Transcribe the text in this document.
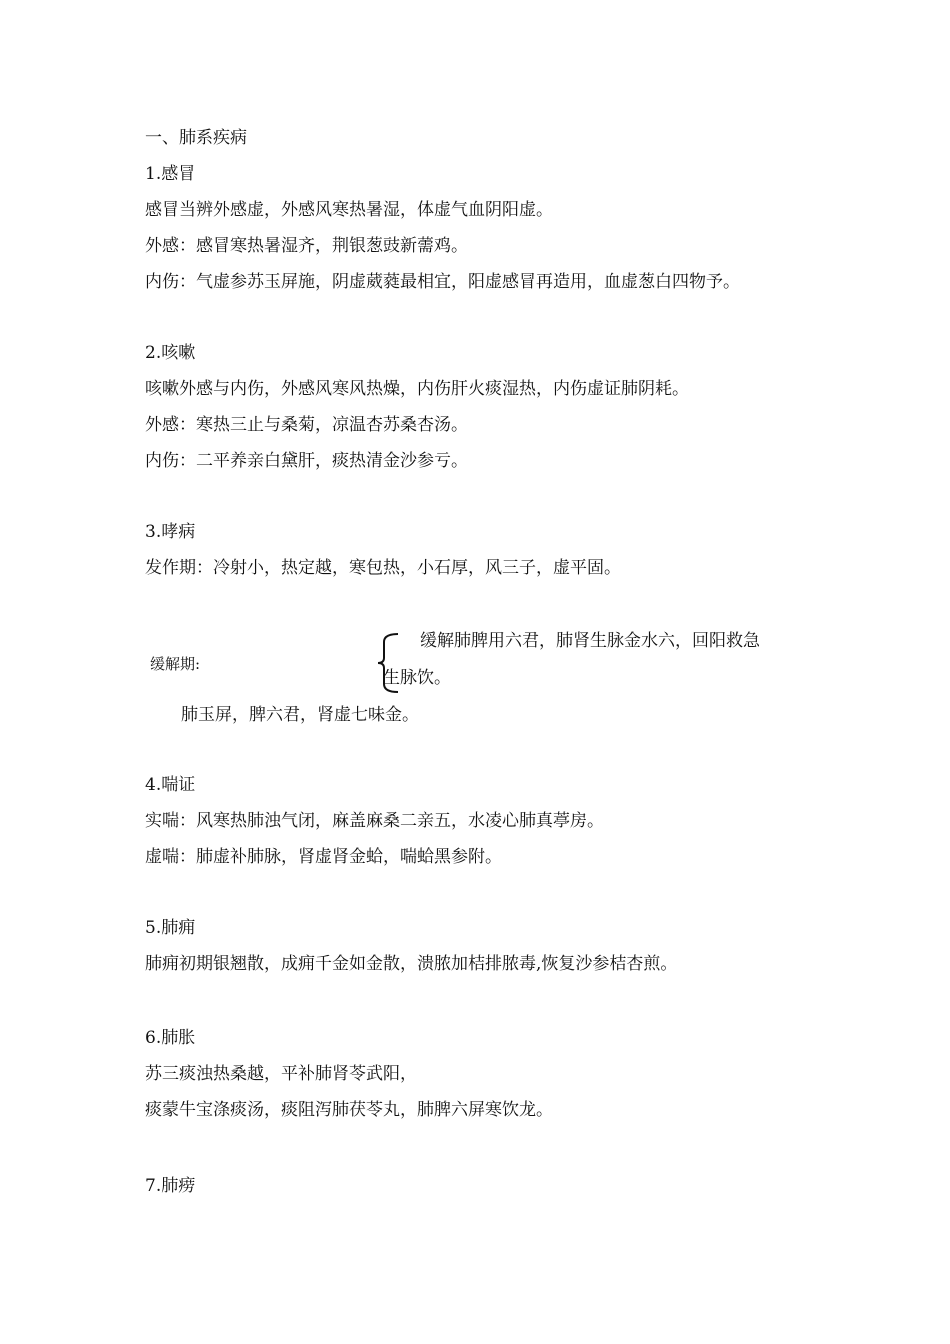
一、肺系疾病
1.感冒
感冒当辨外感虚，外感风寒热暑湿，体虚气血阴阳虚。
外感：感冒寒热暑湿齐，荆银葱豉新薷鸡。
内伤：气虚参苏玉屏施，阴虚葳蕤最相宜，阳虚感冒再造用，血虚葱白四物予。
2.咳嗽
咳嗽外感与内伤，外感风寒风热燥，内伤肝火痰湿热，内伤虚证肺阴耗。
外感：寒热三止与桑菊，凉温杏苏桑杏汤。
内伤：二平养亲白黛肝，痰热清金沙参亏。
3.哮病
发作期：冷射小，热定越，寒包热，小石厚，风三子，虚平固。
缓解期:
缓解肺脾用六君，肺肾生脉金水六，回阳救急
生脉饮。
肺玉屏，脾六君，肾虚七味金。
4.喘证
实喘：风寒热肺浊气闭，麻盖麻桑二亲五，水凌心肺真葶房。
虚喘：肺虚补肺脉，肾虚肾金蛤，喘蛤黑参附。
5.肺痈
肺痈初期银翘散，成痈千金如金散，溃脓加桔排脓毒,恢复沙参桔杏煎。
6.肺胀
苏三痰浊热桑越，平补肺肾苓武阳，
痰蒙牛宝涤痰汤，痰阻泻肺茯苓丸，肺脾六屏寒饮龙。
7.肺痨
